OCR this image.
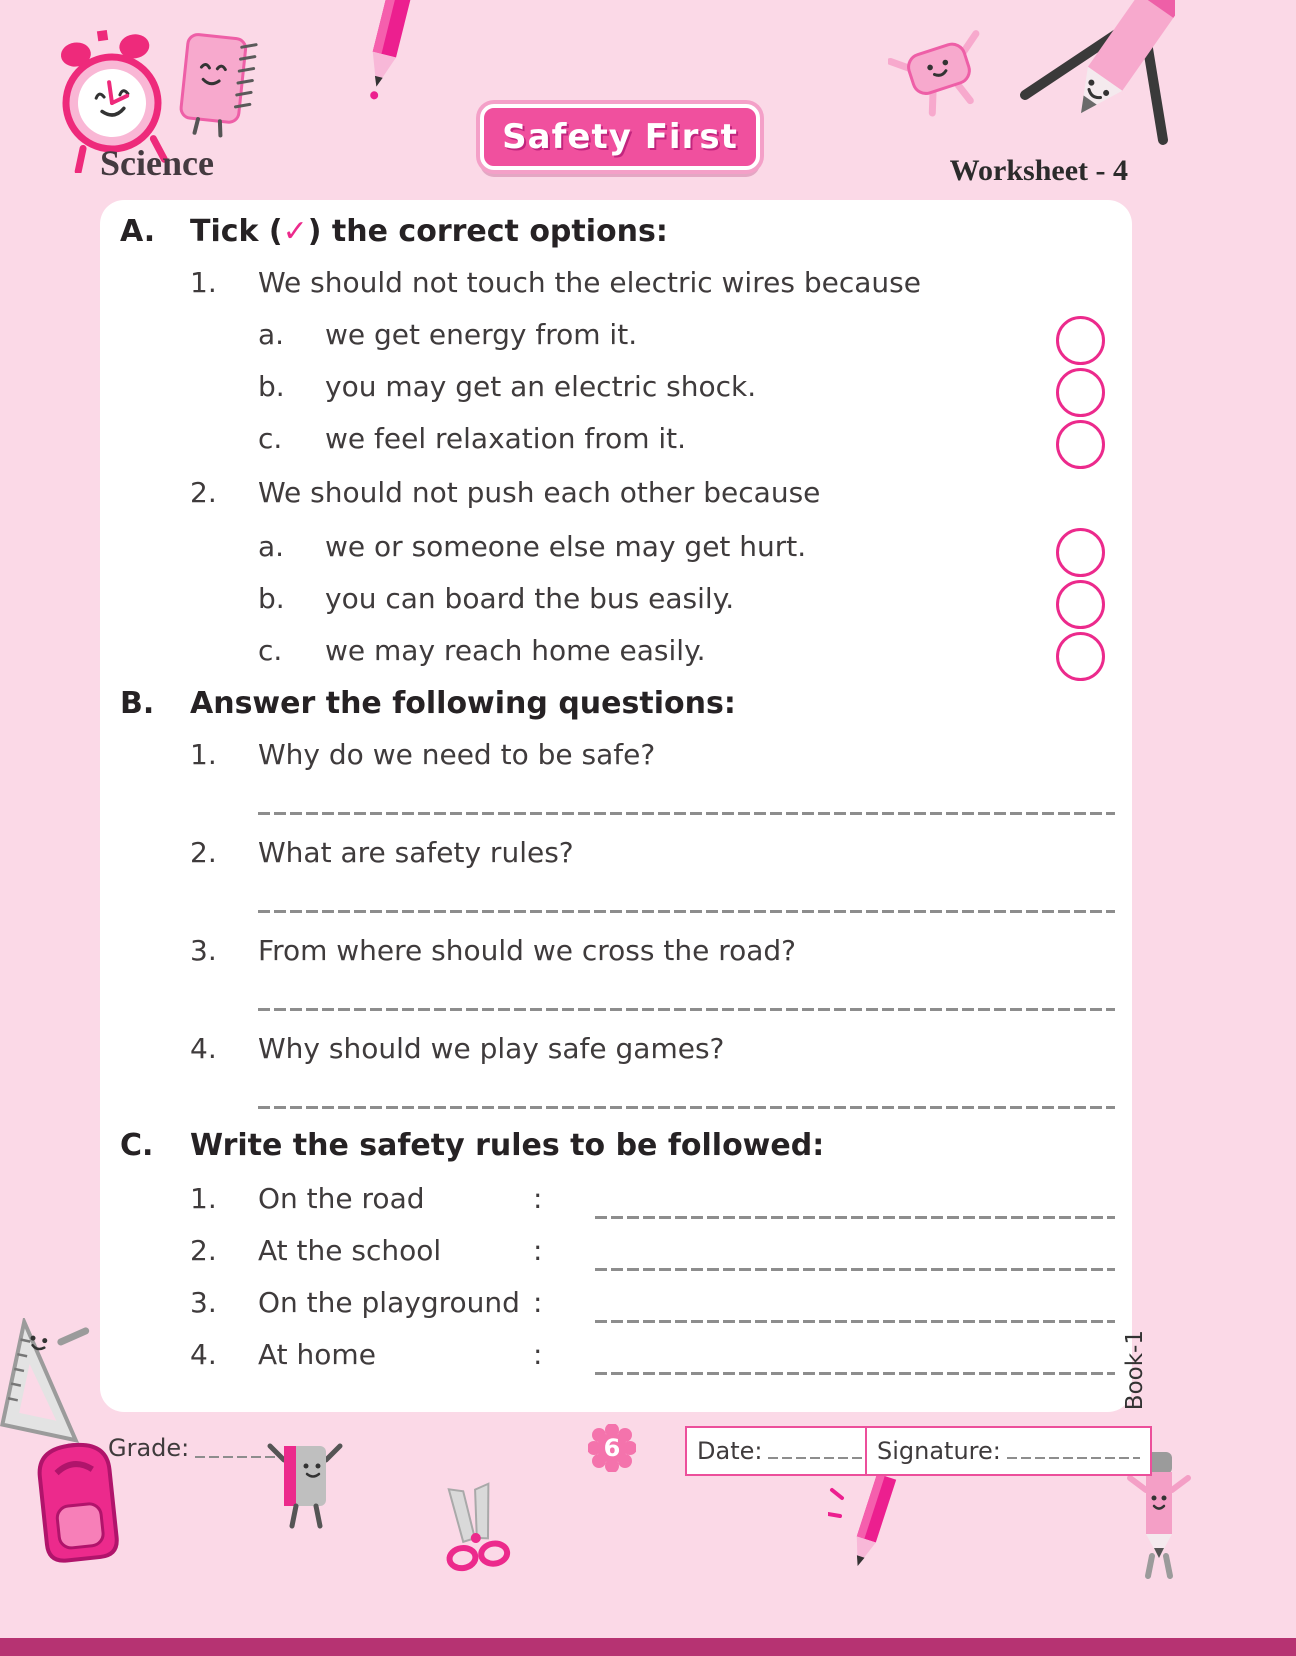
Science
Safety First
Worksheet - 4
A. Tick (✓) the correct options:
1.	We should not touch the electric wires because
a.	we get energy from it.
b.	you may get an electric shock.
c.	we feel relaxation from it.
2.	We should not push each other because
a.	we or someone else may get hurt.
b.	you can board the bus easily.
c.	we may reach home easily.
B. Answer the following questions:
1.	Why do we need to be safe?
2.	What are safety rules?
3.	From where should we cross the road?
4.	Why should we play safe games?
C. Write the safety rules to be followed:
1. On the road	:
2. At the school	:
3. On the playground :
4. At home	:	Book-1
Grade:	6	Date:	Signature:
